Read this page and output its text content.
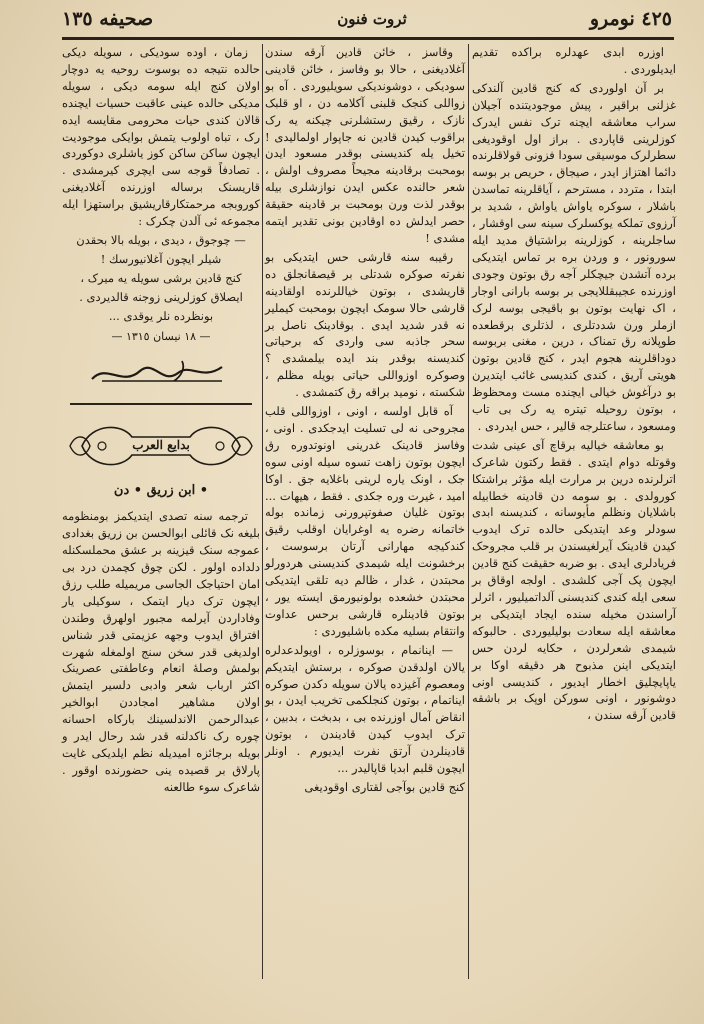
٤٢٥ نومرو
ثروت فنون
صحيفه ١٣٥

اوزره ابدی عهدلره براکده تقدیم ایدیلوردی .

بر آن اولوردی که کنج قادین آلندکی غزلنی براقیر ، پیش موجودیتنده آجیلان سراب معاشقه ایچنه ترک نفس ایدرک کوزلرینی قاپاردی . براز اول اوقودیغی سطرلرک موسیقی سودا فزونی قولاقلرنده دائما اهتزاز ایدر ، صیجاق ، حریص بر بوسه ابتدا ، متردد ، مسترحم ، آیاقلرینه تماسدن باشلار ، سوکره یاواش یاواش ، شدید بر آرزوی تملکه یوکسلرک سینه سی اوقشار ، ساجلرینه ، کوزلرینه براشتیاق مدید ایله سورونور ، و وردن بره بر تماس ایتدیکی برده آتشدن جیچکلر آجه رق بوتون وجودی اوزرنده عجیبقللایجی بر بوسه بارانی اوجار ، اک نهایت بوتون بو باقیجی بوسه لرک ازملر ورن شددتلری ، لذتلری برقطعده طوپلانه رق تمناک ، درین ، مغنی بربوسه دوداقلرینه هجوم ایدر ، کنج قادین بوتون هویتی آریق ، کندی کندیسی غائب ایتدیرن بو درآغوش خیالی ایچنده مست ومحظوظ ، بوتون روحیله تیتره یه رک بی تاب ومسعود ، ساعتلرجه قالیر ، حس ایدردی .

بو معاشقه خیالیه برقاچ آی عینی شدت وقوتله دوام ایتدی . فقط رکتون شاعرک اترلرنده درین بر مرارت ایله مؤثر براشتکا کورولدی . بو سومه دن قادینه خطابیله باشلایان ونظلم مأیوسانه ، کندیسنه ابدی سودلر وعد ایتدیکی حالده ترک ایدوب کیدن قادینک آیرلغیسندن بر قلب مجروحک فریادلری ایدی . بو ضربه حقیقت کنج قادین ایچون پک آجی کلشدی . اولجه اوقاق بر سعی ایله کندی کندیسنی آلداتمیلیور ، اثرلر آراسندن مخیله سنده ایجاد ایتدیکی بر معاشقه ایله سعادت بولیلیوردی . حالبوکه شیمدی شعرلردن ، حکایه لردن حس ایتدیکی اینن مذبوح هر دقیقه اوکا بر یاپایچلیق اخطار ایدیور ، کندیسی اونی دوشونور ، اونی سورکن اوپک بر باشقه قادین آرقه سندن ،

وقاسز ، خائن قادین آرقه سندن آغلادیغنی ، حالا بو وفاسز ، خائن قادینی سودیکی ، دوشوندیکی سویلیوردی . آه بو زواللی کنجک قلبنی آکلامه دن ، او قلبک نازک ، رقیق رستشلرنی چیکنه یه رک براقوب کیدن قادین نه جاپوار اولمالیدی ! تخیل یله کندیسنی بوقدر مسعود ایدن بومحبت برقادینه مجیحاً مصروف اولش ، شعر حالنده عکس ایدن نوازشلری بیله بوقدر لذت ورن بومحبت بر قادینه حقیقة حصر ایدلش ده اوقادین بونی تقدیر ایتمه مشدی !

رقیبه سنه قارشی حس ایتدیکی بو نفرته صوکره شدتلی بر قیصقانجلق ده قاریشدی ، بوتون خیاللرنده اولقادینه قارشی حالا سومک ایچون بومحبت کیملیر نه قدر شدید ایدی . بوقادینک ناصل بر سحر جاذبه سی واردی که برحیاتی کندیسنه بوقدر بند ایده بیلمشدی ؟ وصوکره اوزواللی حیاتی بویله مظلم ، شکسته ، نومید براقه رق کتمشدی .

آه قابل اولسه ، اونی ، اوزواللی قلب مجروحی نه لی تسلیت ایدجکدی . اونی ، وفاسز قادینک غدرینی اونوتدوره رق ایچون بوتون زاهت تسوه سیله اونی سوه جک ، اونک یاره لرینی باغلایه جق . اوکا امید ، غیرت وره جکدی . فقط ، هیهات ... بوتون غلیان صفوتپرورنی زمانده بوله خاتمانه رضره یه اوغرایان اوقلب رقیق کندکیجه مهارانی آرتان برسوست ، برخشونت ایله شیمدی کندیسنی هردورلو محبتدن ، غدار ، ظالم دیه تلقی ایتدیکی محبتدن خشعده بولونیورمق ایسته یور ، بوتون قادینلره قارشی برحس عداوت وانتقام بسلیه مکده باشلیوردی :

— اینانمام ، بوسوزلره ، اویولدعدلره یالان اولدقدن صوکره ، برستش ایتدیکم ومعصوم آغیزده یالان سویله دکدن صوکره ایناتمام ، بوتون کنجلکمی تخریب ایدن ، بو انقاض آمال اوزرنده بی ، بدبخت ، بدبین ، ترک ایدوب کیدن قادیندن ، بوتون قادینلردن آرتق نفرت ایدیورم . اونلر ایچون قلبم ابدیا قاپالیدر ...

کنج قادین بوآجی لقتاری اوقودیغی

زمان ، اوده سودیکی ، سویله دیکی حالده نتیجه ده بوسوت روحیه یه دوچار اولان کنج ایله سومه دیکی ، سویله مدیکی حالده عینی عاقبت حسیات ایچنده قالان کندی حیات محرومی مقایسه ایده رک ، تباه اولوب یتمش بوایکی موجودیت ایچون ساکن ساکن کوز یاشلری دوکوردی . تصادفاً قوجه سی ایچری کیرمشدی . قاریسنک برساله اوزرنده آغلادیغنی کوروبجه مرحمتکارقاریشیق براستهزا ایله مجموعه ئی آلدن چکرک :

— چوجوق ، دیدی ، بویله بالا بحقدن
شیلر ایچون آغلانیورسك !
کنج قادین برشی سویله یه میرک ،
ایصلاق کوزلرینی زوجنه قالدیردی .
بونظرده نلر یوقدی ...
— ١٨ نیسان ١٣١٥ —
بدایع العرب
• ابن زریق • دن

ترجمه سنه تصدی ایتدیکمز بومنظومه بلیغه نک قائلی ابوالحسن بن زریق بغدادی عموجه سنک قیزینه بر عشق محملسکنله دلداده اولور . لکن چوق کچمدن درد بی امان احتیاجک الجاسی مریمیله طلب رزق ایچون ترک دیار ایتمک ، سوکیلی یار وفاداردن آیرلمه مجبور اولهرق وطندن افتراق ایدوب وجهه عزیمتی قدر شناس اولدیغی قدر سخن سنج اولمغله شهرت بولمش وصلهٔ انعام وعاطفتی عصرینک اکثر ارباب شعر وادبی دلسیر ایتمش اولان مشاهیر امجاددن ابوالخیر عبدالرحمن الاندلسینك بارکاه احسانه چوره رک ناکدلنه قدر شد رحال ایدر و بویله برجائزه امیدیله نظم ایلدیکی غایت پارلاق بر قصیده ینی حضورنده اوقور . شاعرک سوء طالعنه
